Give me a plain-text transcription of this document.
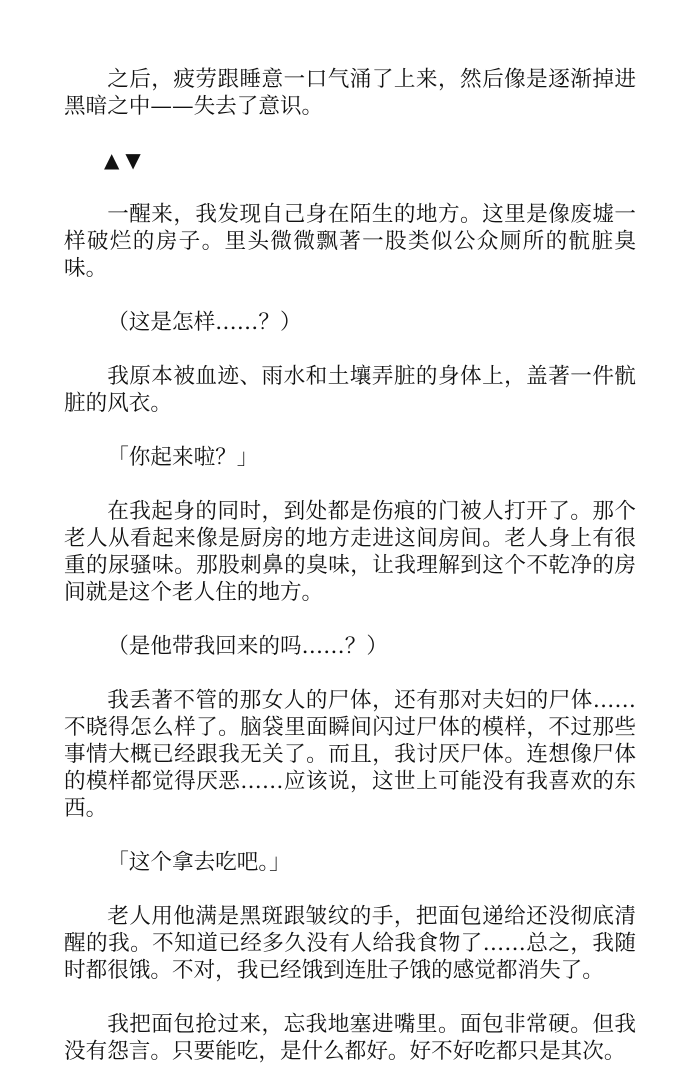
之后，疲劳跟睡意一口气涌了上来，然后像是逐渐掉进黑暗之中——失去了意识。

▲▼

一醒来，我发现自己身在陌生的地方。这里是像废墟一样破烂的房子。里头微微飘著一股类似公众厕所的骯脏臭味。

（这是怎样……？）

我原本被血迹、雨水和土壤弄脏的身体上，盖著一件骯脏的风衣。

「你起来啦？」

在我起身的同时，到处都是伤痕的门被人打开了。那个老人从看起来像是厨房的地方走进这间房间。老人身上有很重的尿骚味。那股刺鼻的臭味，让我理解到这个不乾净的房间就是这个老人住的地方。

（是他带我回来的吗……？）

我丢著不管的那女人的尸体，还有那对夫妇的尸体……不晓得怎么样了。脑袋里面瞬间闪过尸体的模样，不过那些事情大概已经跟我无关了。而且，我讨厌尸体。连想像尸体的模样都觉得厌恶……应该说，这世上可能没有我喜欢的东西。

「这个拿去吃吧。」

老人用他满是黑斑跟皱纹的手，把面包递给还没彻底清醒的我。不知道已经多久没有人给我食物了……总之，我随时都很饿。不对，我已经饿到连肚子饿的感觉都消失了。

我把面包抢过来，忘我地塞进嘴里。面包非常硬。但我没有怨言。只要能吃，是什么都好。好不好吃都只是其次。
